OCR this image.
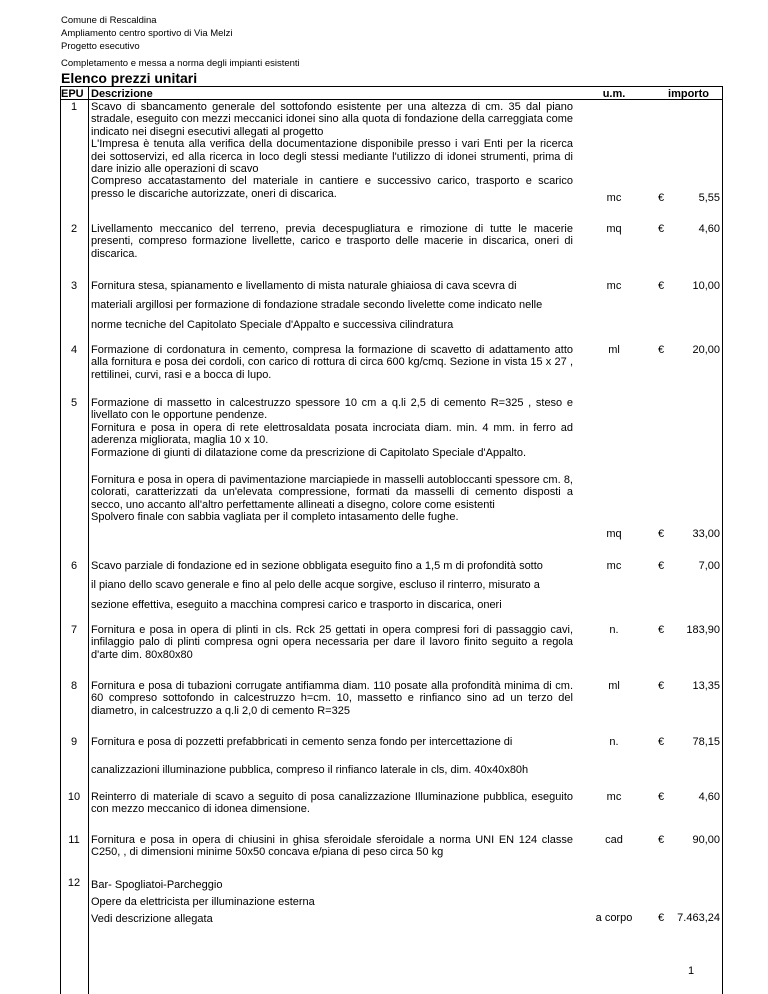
Comune di Rescaldina
Ampliamento centro sportivo di Via Melzi
Progetto esecutivo
Completamento e messa a norma degli impianti esistenti
Elenco prezzi unitari
EPU Descrizione	u.m.	importo
1	Scavo di sbancamento generale del sottofondo esistente per una altezza di cm. 35 dal piano stradale, eseguito con mezzi meccanici idonei sino alla quota di fondazione della carreggiata come indicato nei disegni esecutivi allegati al progetto

L'Impresa è tenuta alla verifica della documentazione disponibile presso i vari Enti per la ricerca dei sottoservizi, ed alla ricerca in loco degli stessi mediante l'utilizzo di idonei strumenti, prima di dare inizio alle operazioni di scavo

Compreso accatastamento del materiale in cantiere e successivo carico, trasporto e scarico presso le discariche autorizzate, oneri di discarica.	mc	€	5,55
2	Livellamento meccanico del terreno, previa decespugliatura e rimozione di tutte le macerie presenti, compreso formazione livellette, carico e trasporto delle macerie in discarica, oneri di discarica.

mq	€	4,60
3	Fornitura stesa, spianamento e livellamento di mista naturale ghiaiosa di cava scevra di

materiali argillosi per formazione di fondazione stradale secondo livelette come indicato nelle

norme tecniche del Capitolato Speciale d'Appalto e successiva cilindratura

mc	€	10,00
4	Formazione di cordonatura in cemento, compresa la formazione di scavetto di adattamento atto alla fornitura e posa dei cordoli, con carico di rottura di circa 600 kg/cmq. Sezione in vista 15 x 27 , rettilinei, curvi, rasi e a bocca di lupo.

ml	€	20,00
5	Formazione di massetto in calcestruzzo spessore 10 cm a q.li 2,5 di cemento R=325 , steso e livellato con le opportune pendenze.

Fornitura e posa in opera di rete elettrosaldata posata incrociata diam. min. 4 mm. in ferro ad aderenza migliorata, maglia 10 x 10.

Formazione di giunti di dilatazione come da prescrizione di Capitolato Speciale d'Appalto.

Fornitura e posa in opera di pavimentazione marciapiede in masselli autobloccanti spessore cm. 8, colorati, caratterizzati da un'elevata compressione, formati da masselli di cemento disposti a secco, uno accanto all'altro perfettamente allineati a disegno, colore come esistenti

Spolvero finale con sabbia vagliata per il completo intasamento delle fughe.

mq	€	33,00
6	Scavo parziale di fondazione ed in sezione obbligata eseguito fino a 1,5 m di profondità sotto

il piano dello scavo generale e fino al pelo delle acque sorgive, escluso il rinterro, misurato a

sezione effettiva, eseguito a macchina compresi carico e trasporto in discarica, oneri

mc	€	7,00
7	Fornitura e posa in opera di plinti in cls. Rck 25 gettati in opera compresi fori di passaggio cavi, infilaggio palo di plinti compresa ogni opera necessaria per dare il lavoro finito seguito a regola d'arte dim. 80x80x80

n.	€ 183,90
8	Fornitura e posa di tubazioni corrugate antifiamma diam. 110 posate alla profondità minima di cm. 60 compreso sottofondo in calcestruzzo h=cm. 10, massetto e rinfianco sino ad un terzo del diametro, in calcestruzzo a q.li 2,0 di cemento R=325

ml	€	13,35
9	Fornitura e posa di pozzetti prefabbricati in cemento senza fondo per intercettazione di

canalizzazioni illuminazione pubblica, compreso il rinfianco laterale in cls, dim. 40x40x80h

n.	€	78,15
10 Reinterro di materiale di scavo a seguito di posa canalizzazione Illuminazione pubblica, eseguito con mezzo meccanico di idonea dimensione.

mc	€	4,60
11	Fornitura e posa in opera di chiusini in ghisa sferoidale sferoidale a norma UNI EN 124 classe C250, , di dimensioni minime 50x50 concava e/piana di peso circa 50 kg

cad	€	90,00
12 Bar- Spogliatoi-Parcheggio

Opere da elettricista per illuminazione esterna

Vedi descrizione allegata	a corpo	€ 7.463,24
1
